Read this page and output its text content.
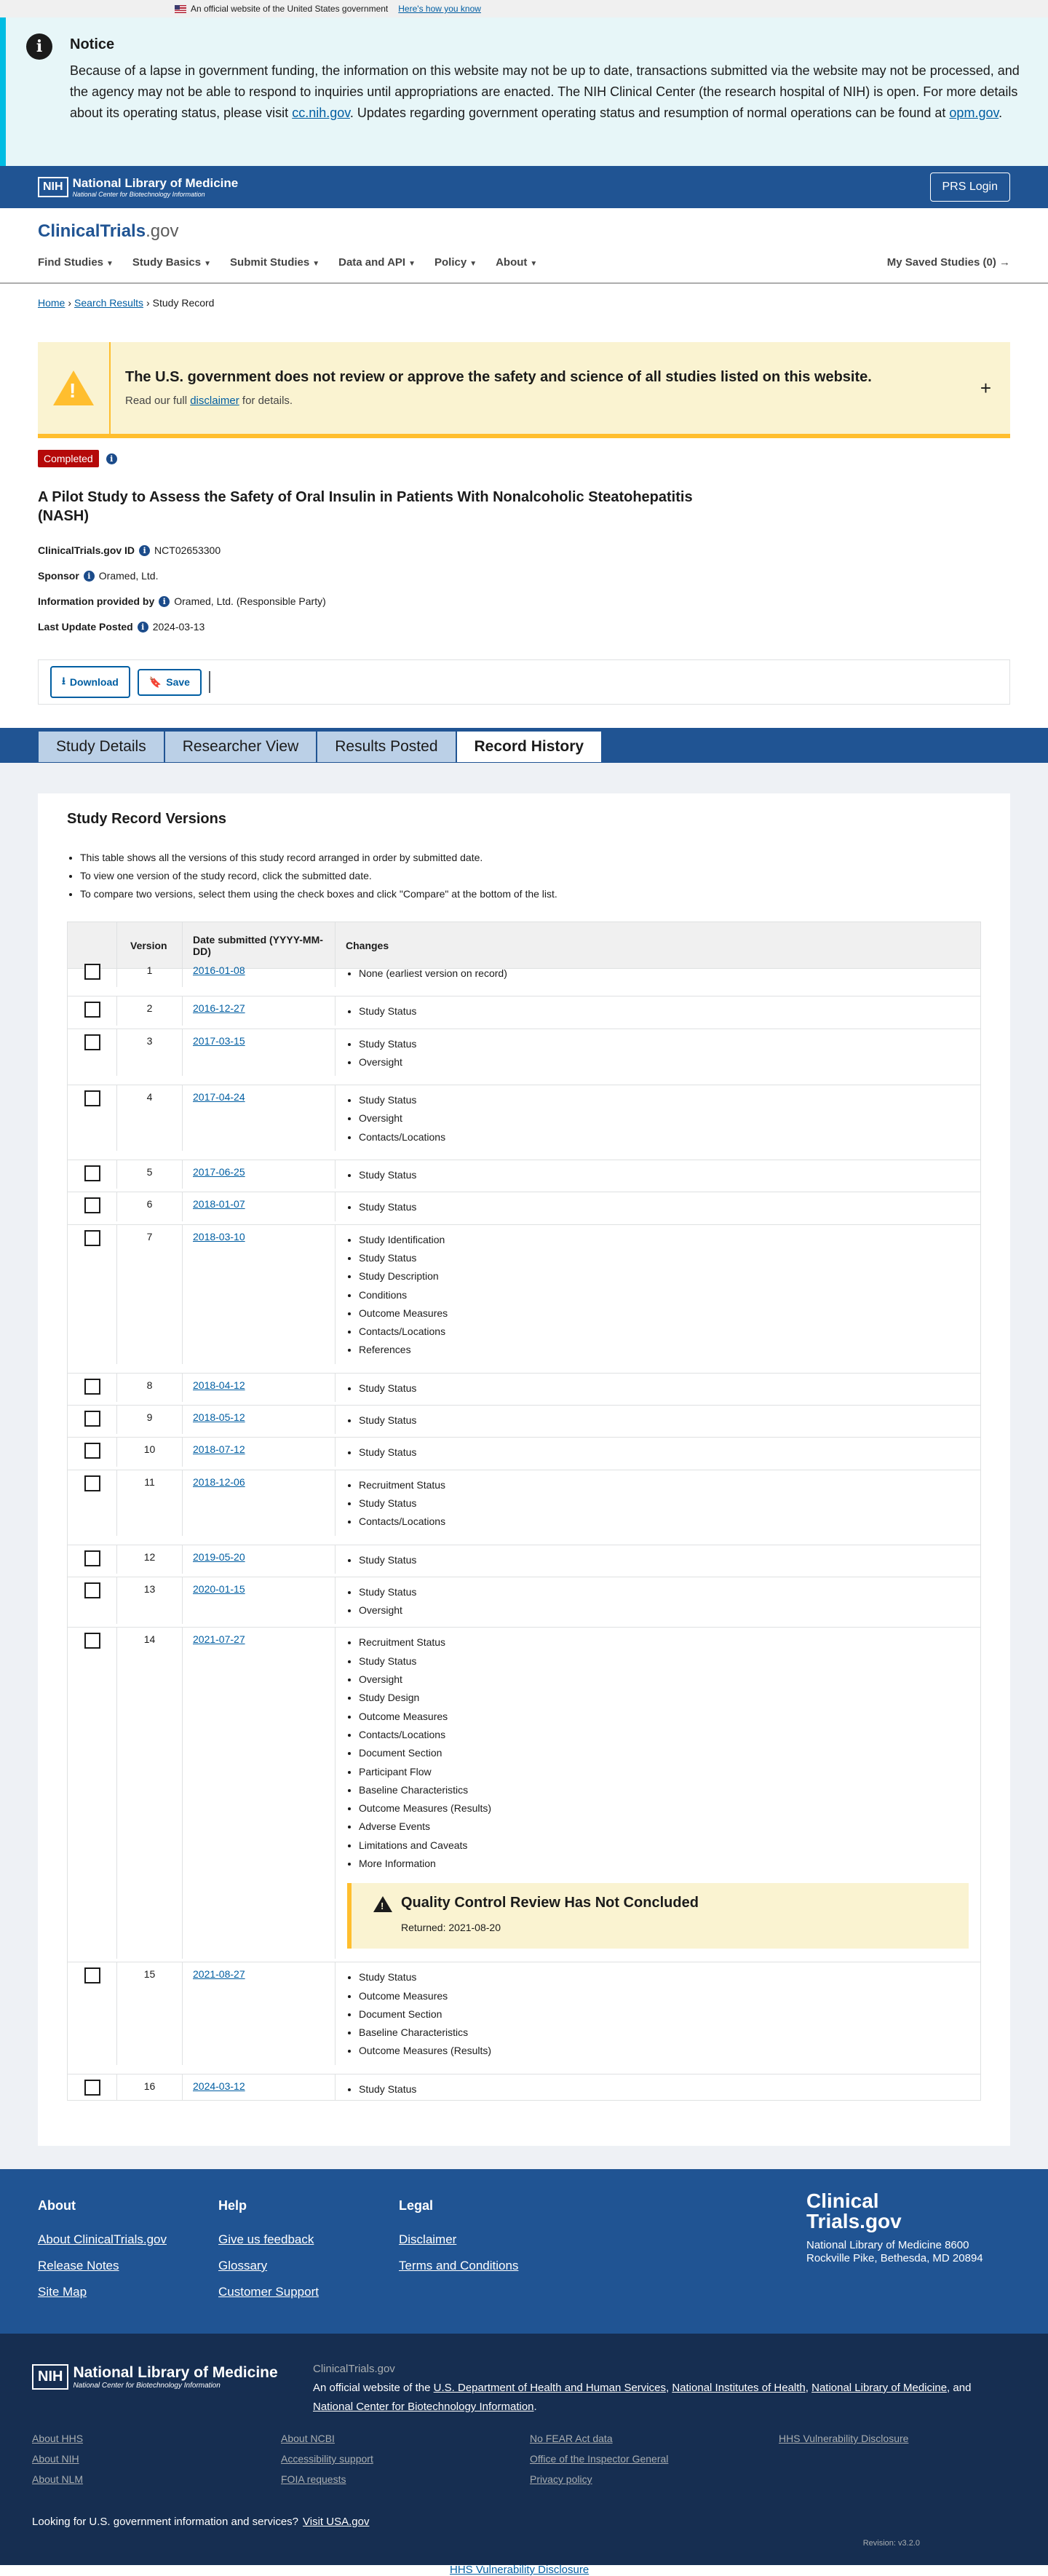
An official website of the United States government Here's how you know
i	Notice

Because of a lapse in government funding, the information on this website may not be up to date, transactions submitted via the website may not be processed, and the agency may not be able to respond to inquiries until appropriations are enacted. The NIH Clinical Center (the research hospital of NIH) is open. For more details about its operating status, please visit cc.nih.gov. Updates regarding government operating status and resumption of normal operations can be found at opm.gov.

NIH National Library of Medicine
National Center for Biotechnology Information
PRS Login
ClinicalTrials.gov
Find Studies ▼ Study Basics ▼ Submit Studies ▼ Data and API ▼ Policy ▼ About ▼	My Saved Studies (0) →
Home › Search Results › Study Record
!
The U.S. government does not review or approve the safety and science of all studies listed on this website.
Read our full disclaimer for details.
+
Completed	i
A Pilot Study to Assess the Safety of Oral Insulin in Patients With Nonalcoholic Steatohepatitis (NASH)
ClinicalTrials.gov ID	i NCT02653300
Sponsor	i Oramed, Ltd.
Information provided by	i Oramed, Ltd. (Responsible Party)
Last Update Posted	i 2024-03-13
⭳ Download	🔖 Save
Study Details	Researcher View	Results Posted	Record History
Study Record Versions
• This table shows all the versions of this study record arranged in order by submitted date.
• To view one version of the study record, click the submitted date.
• To compare two versions, select them using the check boxes and click "Compare" at the bottom of the list.
Version	Date submitted (YYYY-MM-DD)	Changes
1	2016-01-08	• None (earliest version on record)
2	2016-12-27	• Study Status
3	2017-03-15	• Study Status
• Oversight
4	2017-04-24	• Study Status
• Oversight
• Contacts/Locations
5	2017-06-25	• Study Status
6	2018-01-07	• Study Status
7	2018-03-10	• Study Identification
• Study Status
• Study Description
• Conditions
• Outcome Measures
• Contacts/Locations
• References
8	2018-04-12	• Study Status
9	2018-05-12	• Study Status
10	2018-07-12	• Study Status
11	2018-12-06	• Recruitment Status
• Study Status
• Contacts/Locations
12	2019-05-20	• Study Status
13	2020-01-15	• Study Status
• Oversight
14	2021-07-27	• Recruitment Status
• Study Status
• Oversight
• Study Design
• Outcome Measures
• Contacts/Locations
• Document Section
• Participant Flow
• Baseline Characteristics
• Outcome Measures (Results)
• Adverse Events
• Limitations and Caveats
• More Information
! Quality Control Review Has Not Concluded
Returned: 2021-08-20
15	2021-08-27	• Study Status
• Outcome Measures
• Document Section
• Baseline Characteristics
• Outcome Measures (Results)
16	2024-03-12	• Study Status
About
About ClinicalTrials.gov
Release Notes
Site Map
Help
Give us feedback
Glossary
Customer Support
Legal
Disclaimer
Terms and Conditions
Clinical Trials.gov
National Library of Medicine 8600 Rockville Pike, Bethesda, MD 20894
NIH National Library of Medicine
National Center for Biotechnology Information
ClinicalTrials.gov
An official website of the U.S. Department of Health and Human Services, National Institutes of Health, National Library of Medicine, and National Center for Biotechnology Information.
About HHS	About NCBI	No FEAR Act data	HHS Vulnerability Disclosure
About NIH	Accessibility support	Office of the Inspector General
About NLM	FOIA requests	Privacy policy
Looking for U.S. government information and services? Visit USA.gov
Revision: v3.2.0
HHS Vulnerability Disclosure
